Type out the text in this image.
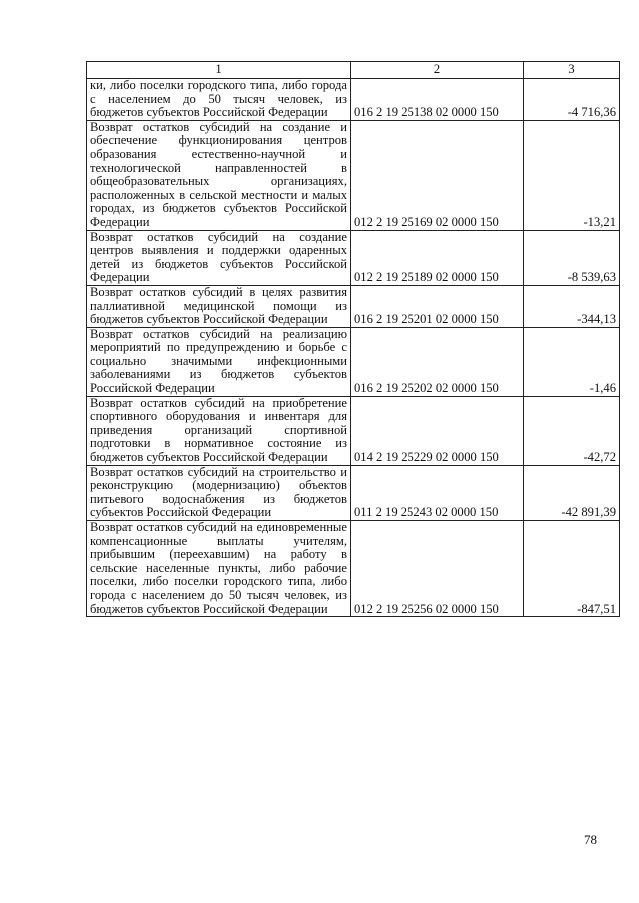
1	2	3
ки, либо поселки городского типа, либо города с населением до 50 тысяч человек, из бюджетов субъектов Российской Федерации	016 2 19 25138 02 0000 150	-4 716,36
Возврат остатков субсидий на создание и обеспечение функционирования центров образования естественно-научной и технологической направленностей в общеобразовательных организациях, расположенных в сельской местности и малых городах, из бюджетов субъектов Российской Федерации	012 2 19 25169 02 0000 150	-13,21
Возврат остатков субсидий на создание центров выявления и поддержки одаренных детей из бюджетов субъектов Российской Федерации	012 2 19 25189 02 0000 150	-8 539,63
Возврат остатков субсидий в целях развития паллиативной медицинской помощи из бюджетов субъектов Российской Федерации	016 2 19 25201 02 0000 150	-344,13
Возврат остатков субсидий на реализацию мероприятий по предупреждению и борьбе с социально значимыми инфекционными заболеваниями из бюджетов субъектов Российской Федерации	016 2 19 25202 02 0000 150	-1,46
Возврат остатков субсидий на приобретение спортивного оборудования и инвентаря для приведения организаций спортивной подготовки в нормативное состояние из бюджетов субъектов Российской Федерации	014 2 19 25229 02 0000 150	-42,72
Возврат остатков субсидий на строительство и реконструкцию (модернизацию) объектов питьевого водоснабжения из бюджетов субъектов Российской Федерации	011 2 19 25243 02 0000 150	-42 891,39
Возврат остатков субсидий на единовременные компенсационные выплаты учителям, прибывшим (переехавшим) на работу в сельские населенные пункты, либо рабочие поселки, либо поселки городского типа, либо города с населением до 50 тысяч человек, из бюджетов субъектов Российской Федерации	012 2 19 25256 02 0000 150	-847,51
78
